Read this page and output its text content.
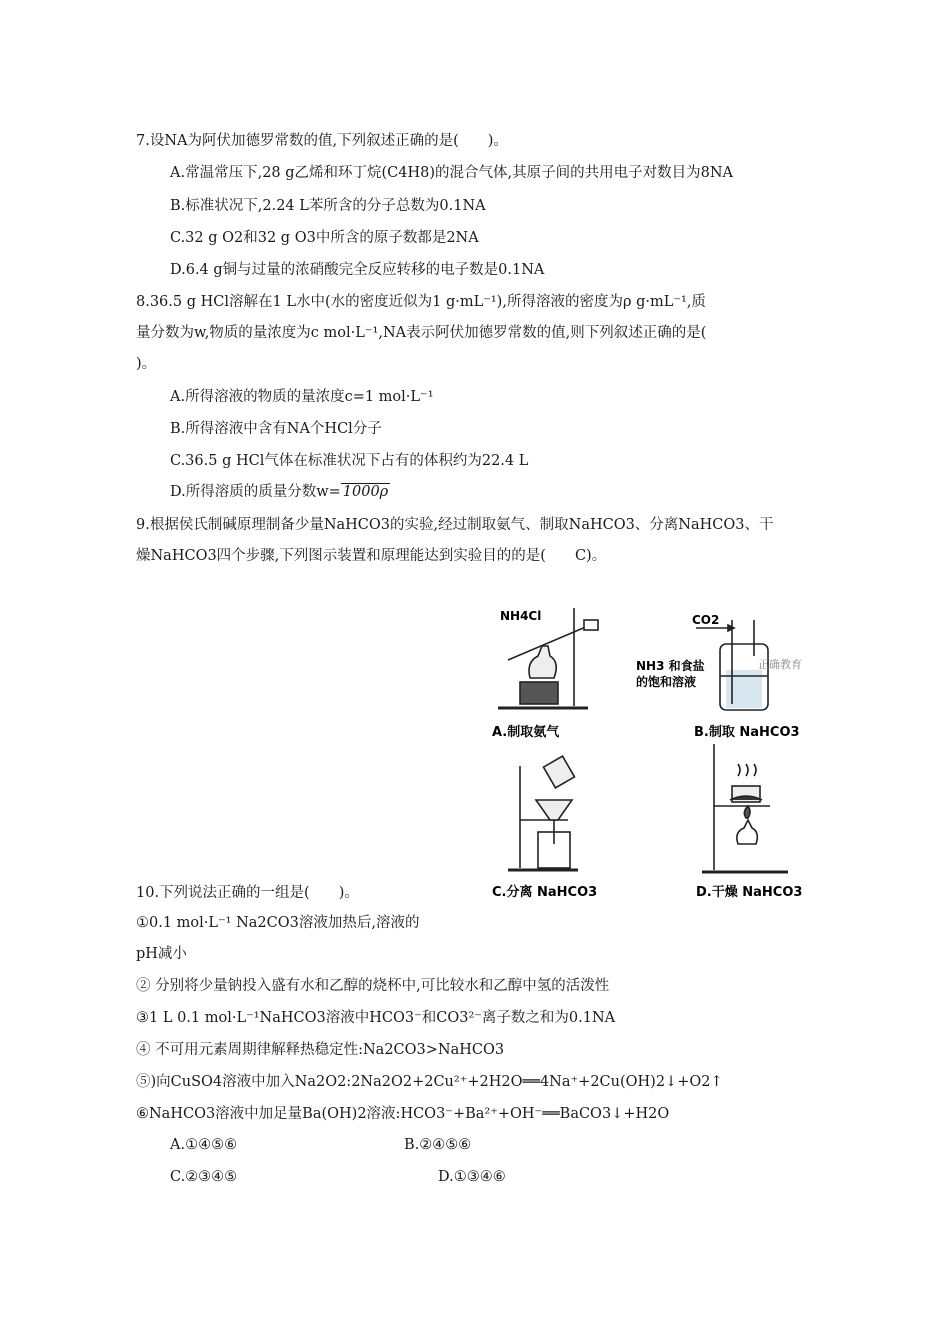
7.设NA为阿伏加德罗常数的值,下列叙述正确的是(　　)。
A.常温常压下,28 g乙烯和环丁烷(C4H8)的混合气体,其原子间的共用电子对数目为8NA
B.标准状况下,2.24 L苯所含的分子总数为0.1NA
C.32 g O2和32 g O3中所含的原子数都是2NA
D.6.4 g铜与过量的浓硝酸完全反应转移的电子数是0.1NA
8.36.5 g HCl溶解在1 L水中(水的密度近似为1 g·mL⁻¹),所得溶液的密度为ρ g·mL⁻¹,质
量分数为w,物质的量浓度为c mol·L⁻¹,NA表示阿伏加德罗常数的值,则下列叙述正确的是(
)。
A.所得溶液的物质的量浓度c=1 mol·L⁻¹
B.所得溶液中含有NA个HCl分子
C.36.5 g HCl气体在标准状况下占有的体积约为22.4 L
D.所得溶质的质量分数w= 1000ρ
9.根据侯氏制碱原理制备少量NaHCO3的实验,经过制取氨气、制取NaHCO3、分离NaHCO3、干
燥NaHCO3四个步骤,下列图示装置和原理能达到实验目的的是(　　C)。
NH4Cl
A.制取氨气
CO2
NH3 和食盐
的饱和溶液
正确教育
B.制取 NaHCO3
C.分离 NaHCO3	D.干燥 NaHCO3
10.下列说法正确的一组是(　　)。
①0.1 mol·L⁻¹ Na2CO3溶液加热后,溶液的
pH减小
② 分别将少量钠投入盛有水和乙醇的烧杯中,可比较水和乙醇中氢的活泼性
③1 L 0.1 mol·L⁻¹NaHCO3溶液中HCO3⁻和CO3²⁻离子数之和为0.1NA
④ 不可用元素周期律解释热稳定性:Na2CO3>NaHCO3
⑤)向CuSO4溶液中加入Na2O2:2Na2O2+2Cu²⁺+2H2O══4Na⁺+2Cu(OH)2↓+O2↑
⑥NaHCO3溶液中加足量Ba(OH)2溶液:HCO3⁻+Ba²⁺+OH⁻══BaCO3↓+H2O
A.①④⑤⑥	B.②④⑤⑥
C.②③④⑤	D.①③④⑥
